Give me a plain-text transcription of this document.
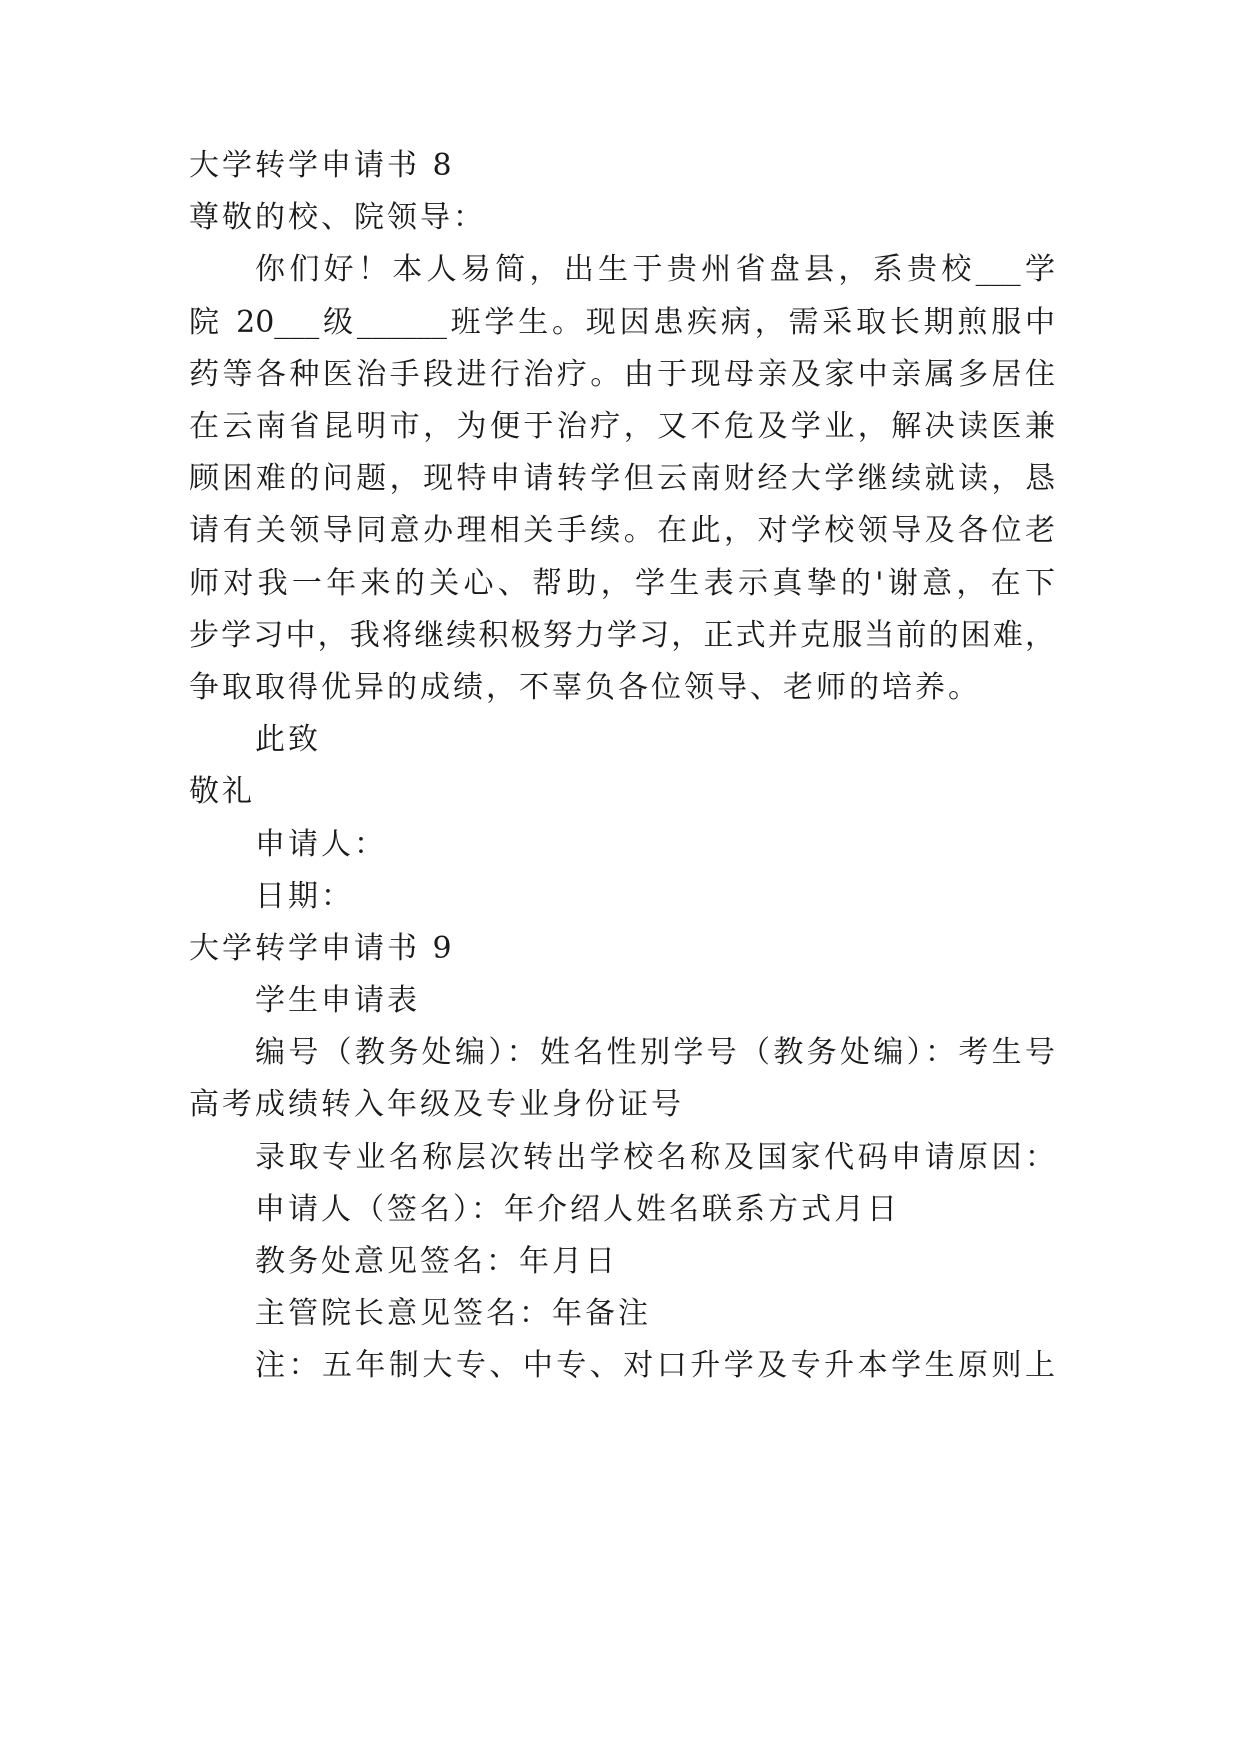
大学转学申请书 8
尊敬的校、院领导：
你们好！本人易简，出生于贵州省盘县，系贵校___学
院 20___级______班学生。现因患疾病，需采取长期煎服中
药等各种医治手段进行治疗。由于现母亲及家中亲属多居住
在云南省昆明市，为便于治疗，又不危及学业，解决读医兼
顾困难的问题，现特申请转学但云南财经大学继续就读，恳
请有关领导同意办理相关手续。在此，对学校领导及各位老
师对我一年来的关心、帮助，学生表示真挚的'谢意，在下
步学习中，我将继续积极努力学习，正式并克服当前的困难，
争取取得优异的成绩，不辜负各位领导、老师的培养。
此致
敬礼
申请人：
日期：
大学转学申请书 9
学生申请表
编号（教务处编）：姓名性别学号（教务处编）：考生号
高考成绩转入年级及专业身份证号
录取专业名称层次转出学校名称及国家代码申请原因：
申请人（签名）：年介绍人姓名联系方式月日
教务处意见签名：年月日
主管院长意见签名：年备注
注：五年制大专、中专、对口升学及专升本学生原则上
